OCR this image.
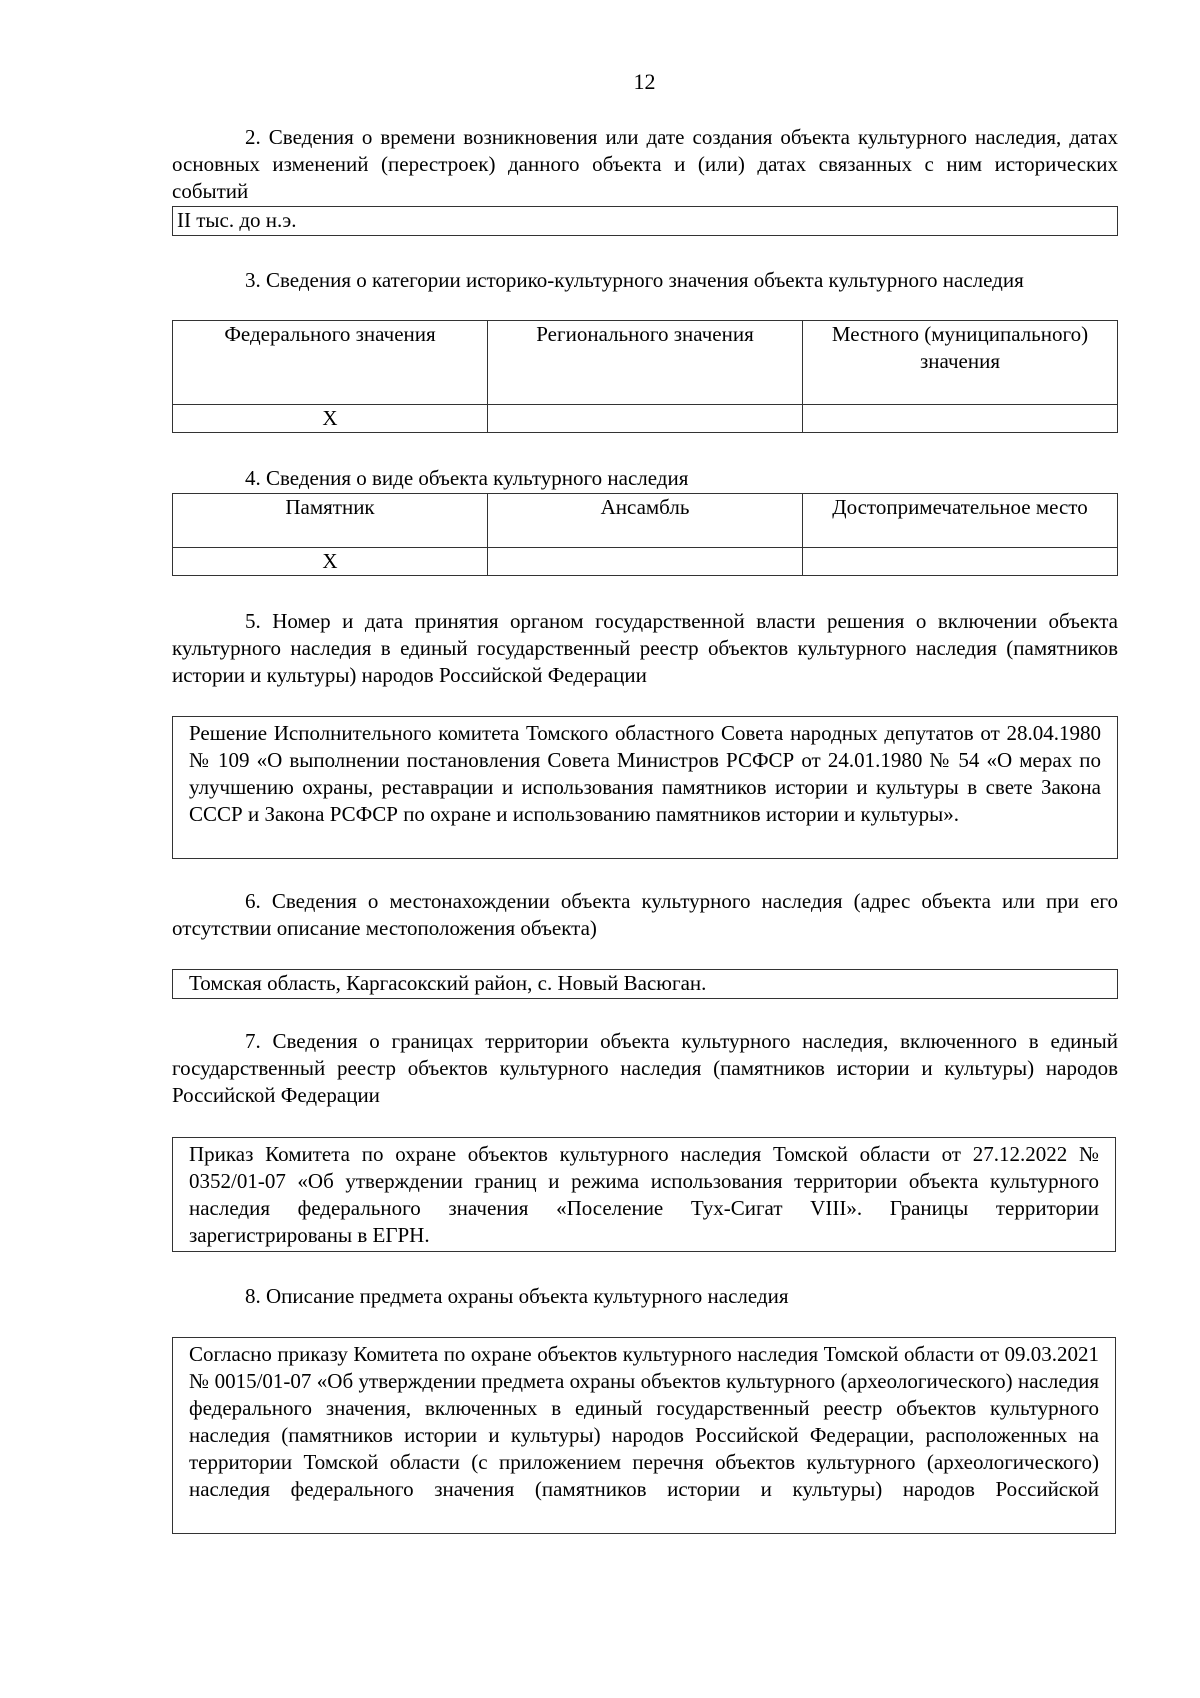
12

2. Сведения о времени возникновения или дате создания объекта культурного наследия, датах основных изменений (перестроек) данного объекта и (или) датах связанных с ним исторических событий

II тыс. до н.э.

3. Сведения о категории историко-культурного значения объекта культурного наследия

Федерального значения	Регионального значения	Местного (муниципального) значения
X		

4. Сведения о виде объекта культурного наследия

Памятник	Ансамбль	Достопримечательное место
X		

5. Номер и дата принятия органом государственной власти решения о включении объекта культурного наследия в единый государственный реестр объектов культурного наследия (памятников истории и культуры) народов Российской Федерации

Решение Исполнительного комитета Томского областного Совета народных депутатов от 28.04.1980 № 109 «О выполнении постановления Совета Министров РСФСР от 24.01.1980 № 54 «О мерах по улучшению охраны, реставрации и использования памятников истории и культуры в свете Закона СССР и Закона РСФСР по охране и использованию памятников истории и культуры».

6. Сведения о местонахождении объекта культурного наследия (адрес объекта или при его отсутствии описание местоположения объекта)

Томская область, Каргасокский район, с. Новый Васюган.

7. Сведения о границах территории объекта культурного наследия, включенного в единый государственный реестр объектов культурного наследия (памятников истории и культуры) народов Российской Федерации

Приказ Комитета по охране объектов культурного наследия Томской области от 27.12.2022 № 0352/01-07 «Об утверждении границ и режима использования территории объекта культурного наследия федерального значения «Поселение Тух-Сигат VIII». Границы территории зарегистрированы в ЕГРН.

8. Описание предмета охраны объекта культурного наследия

Согласно приказу Комитета по охране объектов культурного наследия Томской области от 09.03.2021 № 0015/01-07 «Об утверждении предмета охраны объектов культурного (археологического) наследия федерального значения, включенных в единый государственный реестр объектов культурного наследия (памятников истории и культуры) народов Российской Федерации, расположенных на территории Томской области (с приложением перечня объектов культурного (археологического) наследия федерального значения (памятников истории и культуры) народов Российской
